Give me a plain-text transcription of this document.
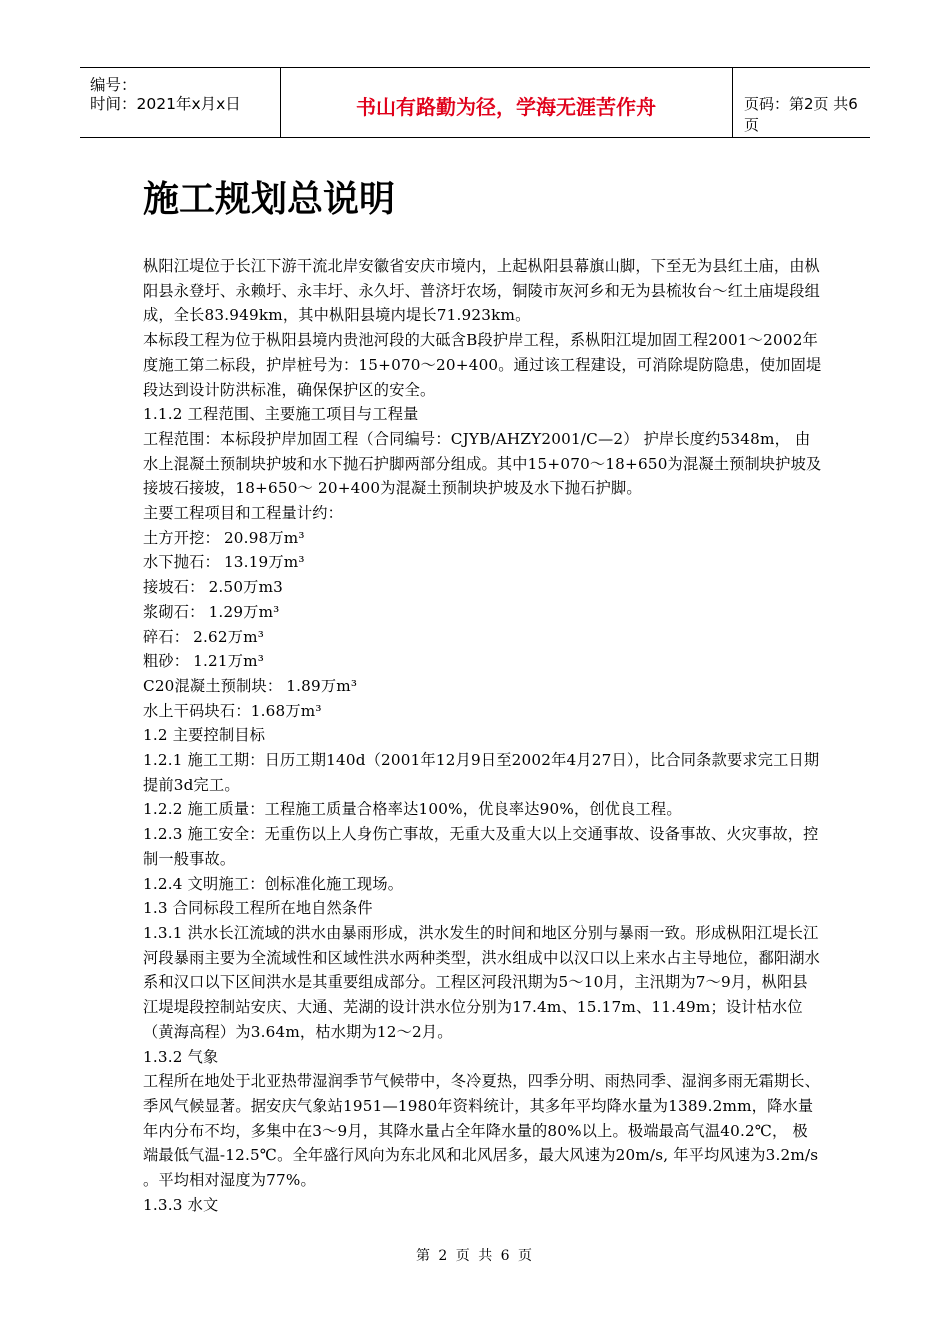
编号：
时间：2021年x月x日	书山有路勤为径，学海无涯苦作舟	页码：第2页 共6页
施工规划总说明

枞阳江堤位于长江下游干流北岸安徽省安庆市境内，上起枞阳县幕旗山脚，下至无为县红土庙，由枞阳县永登圩、永赖圩、永丰圩、永久圩、普济圩农场，铜陵市灰河乡和无为县梳妆台～红土庙堤段组成，全长83.949km，其中枞阳县境内堤长71.923km。

本标段工程为位于枞阳县境内贵池河段的大砥含B段护岸工程，系枞阳江堤加固工程2001～2002年度施工第二标段，护岸桩号为：15+070～20+400。通过该工程建设，可消除堤防隐患，使加固堤段达到设计防洪标准，确保保护区的安全。

1.1.2 工程范围、主要施工项目与工程量

工程范围：本标段护岸加固工程（合同编号：CJYB/AHZY2001/C—2） 护岸长度约5348m， 由水上混凝土预制块护坡和水下抛石护脚两部分组成。其中15+070～18+650为混凝土预制块护坡及接坡石接坡，18+650～ 20+400为混凝土预制块护坡及水下抛石护脚。

主要工程项目和工程量计约：

土方开挖： 20.98万m³

水下抛石： 13.19万m³

接坡石： 2.50万m3

浆砌石： 1.29万m³

碎石： 2.62万m³

粗砂： 1.21万m³

C20混凝土预制块： 1.89万m³

水上干码块石：1.68万m³

1.2 主要控制目标

1.2.1 施工工期：日历工期140d（2001年12月9日至2002年4月27日），比合同条款要求完工日期提前3d完工。

1.2.2 施工质量：工程施工质量合格率达100%，优良率达90%，创优良工程。

1.2.3 施工安全：无重伤以上人身伤亡事故，无重大及重大以上交通事故、设备事故、火灾事故，控制一般事故。

1.2.4 文明施工：创标准化施工现场。

1.3 合同标段工程所在地自然条件

1.3.1 洪水长江流域的洪水由暴雨形成，洪水发生的时间和地区分别与暴雨一致。形成枞阳江堤长江河段暴雨主要为全流域性和区域性洪水两种类型，洪水组成中以汉口以上来水占主导地位，鄱阳湖水系和汉口以下区间洪水是其重要组成部分。工程区河段汛期为5～10月，主汛期为7～9月，枞阳县江堤堤段控制站安庆、大通、芜湖的设计洪水位分别为17.4m、15.17m、11.49m；设计枯水位（黄海高程）为3.64m，枯水期为12～2月。

1.3.2 气象

工程所在地处于北亚热带湿润季节气候带中，冬冷夏热，四季分明、雨热同季、湿润多雨无霜期长、季风气候显著。据安庆气象站1951—1980年资料统计，其多年平均降水量为1389.2mm，降水量年内分布不均，多集中在3～9月，其降水量占全年降水量的80%以上。极端最高气温40.2℃， 极端最低气温-12.5℃。全年盛行风向为东北风和北风居多，最大风速为20m/s, 年平均风速为3.2m/s 。平均相对湿度为77%。

1.3.3 水文

第 2 页 共 6 页
